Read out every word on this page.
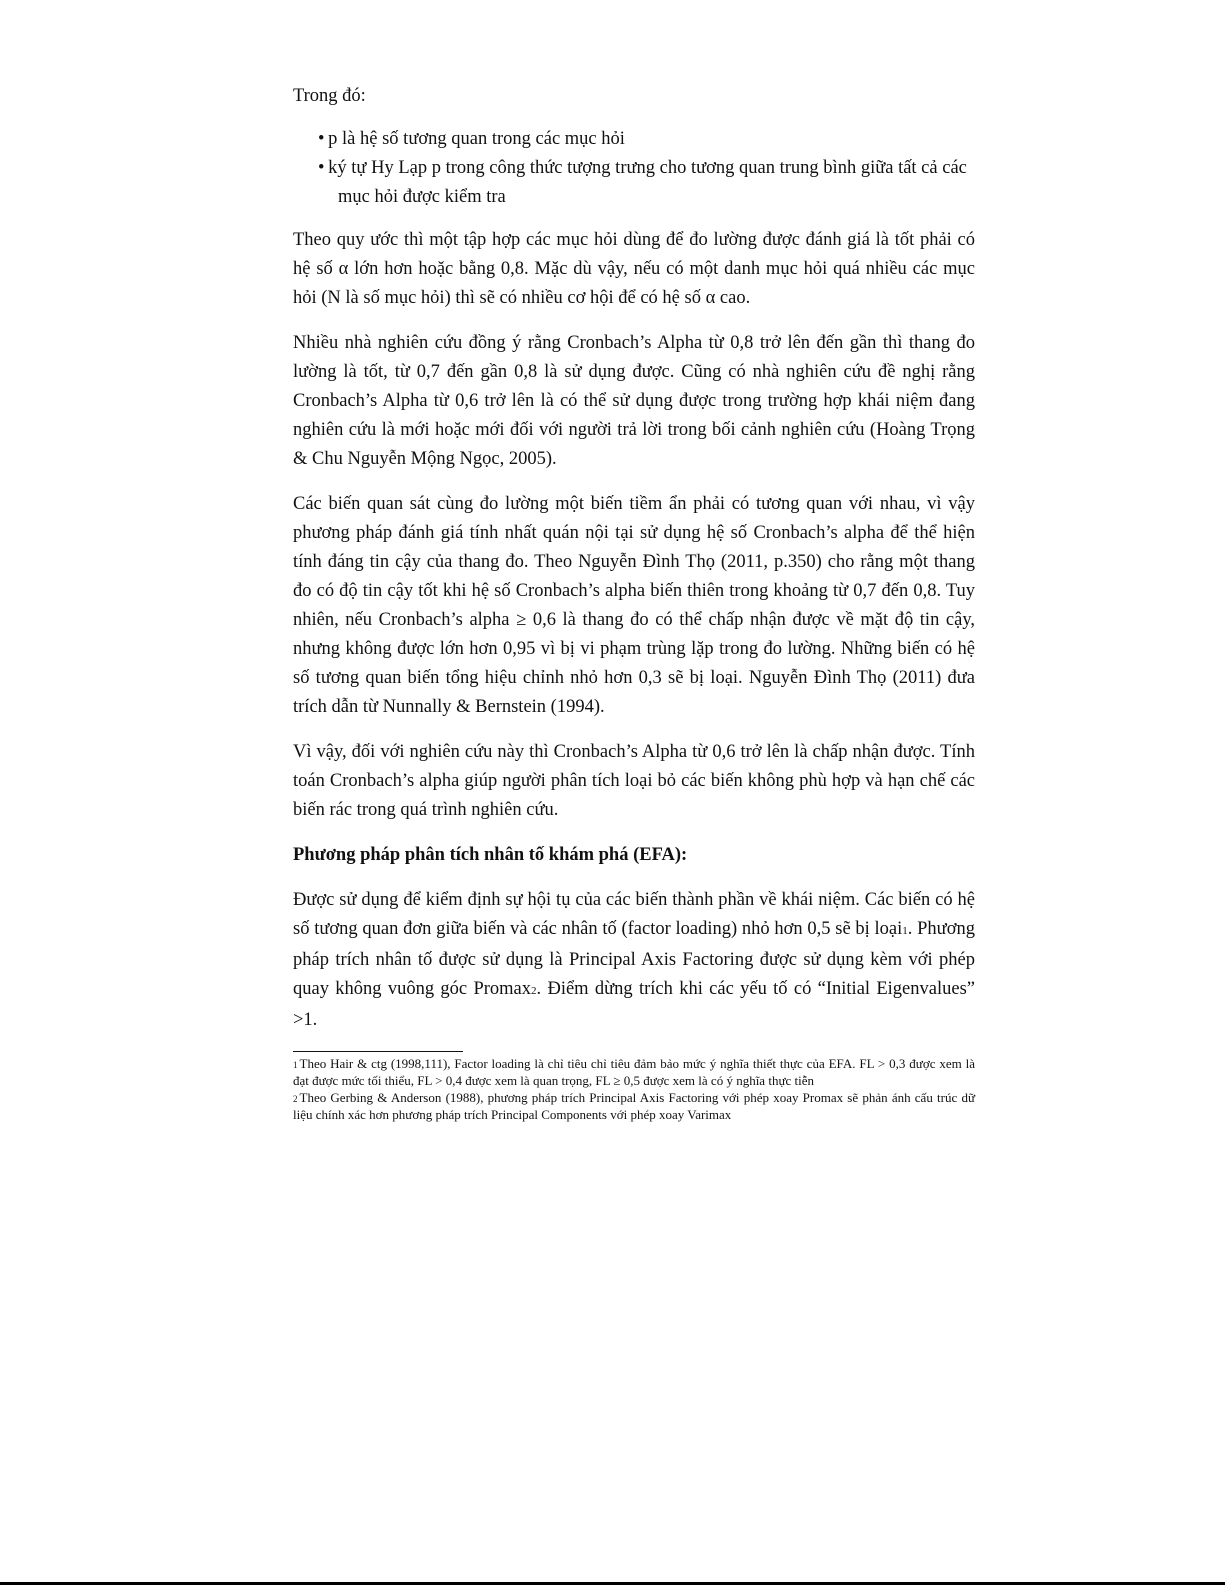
Trong đó:

• p là hệ số tương quan trong các mục hỏi
• ký tự Hy Lạp p trong công thức tượng trưng cho tương quan trung bình giữa tất cả các mục hỏi được kiểm tra

Theo quy ước thì một tập hợp các mục hỏi dùng để đo lường được đánh giá là tốt phải có hệ số α lớn hơn hoặc bằng 0,8. Mặc dù vậy, nếu có một danh mục hỏi quá nhiều các mục hỏi (N là số mục hỏi) thì sẽ có nhiều cơ hội để có hệ số α cao.

Nhiều nhà nghiên cứu đồng ý rằng Cronbach’s Alpha từ 0,8 trở lên đến gần thì thang đo lường là tốt, từ 0,7 đến gần 0,8 là sử dụng được. Cũng có nhà nghiên cứu đề nghị rằng Cronbach’s Alpha từ 0,6 trở lên là có thể sử dụng được trong trường hợp khái niệm đang nghiên cứu là mới hoặc mới đối với người trả lời trong bối cảnh nghiên cứu (Hoàng Trọng & Chu Nguyễn Mộng Ngọc, 2005).

Các biến quan sát cùng đo lường một biến tiềm ẩn phải có tương quan với nhau, vì vậy phương pháp đánh giá tính nhất quán nội tại sử dụng hệ số Cronbach’s alpha để thể hiện tính đáng tin cậy của thang đo. Theo Nguyễn Đình Thọ (2011, p.350) cho rằng một thang đo có độ tin cậy tốt khi hệ số Cronbach’s alpha biến thiên trong khoảng từ 0,7 đến 0,8. Tuy nhiên, nếu Cronbach’s alpha ≥ 0,6 là thang đo có thể chấp nhận được về mặt độ tin cậy, nhưng không được lớn hơn 0,95 vì bị vi phạm trùng lặp trong đo lường. Những biến có hệ số tương quan biến tổng hiệu chỉnh nhỏ hơn 0,3 sẽ bị loại. Nguyễn Đình Thọ (2011) đưa trích dẫn từ Nunnally & Bernstein (1994).

Vì vậy, đối với nghiên cứu này thì Cronbach’s Alpha từ 0,6 trở lên là chấp nhận được. Tính toán Cronbach’s alpha giúp người phân tích loại bỏ các biến không phù hợp và hạn chế các biến rác trong quá trình nghiên cứu.

Phương pháp phân tích nhân tố khám phá (EFA):

Được sử dụng để kiểm định sự hội tụ của các biến thành phần về khái niệm. Các biến có hệ số tương quan đơn giữa biến và các nhân tố (factor loading) nhỏ hơn 0,5 sẽ bị loại1. Phương pháp trích nhân tố được sử dụng là Principal Axis Factoring được sử dụng kèm với phép quay không vuông góc Promax2. Điểm dừng trích khi các yếu tố có “Initial Eigenvalues” >1.

1 Theo Hair & ctg (1998,111), Factor loading là chỉ tiêu chỉ tiêu đảm bảo mức ý nghĩa thiết thực của EFA. FL > 0,3 được xem là đạt được mức tối thiểu, FL > 0,4 được xem là quan trọng, FL ≥ 0,5 được xem là có ý nghĩa thực tiễn

2 Theo Gerbing & Anderson (1988), phương pháp trích Principal Axis Factoring với phép xoay Promax sẽ phản ánh cấu trúc dữ liệu chính xác hơn phương pháp trích Principal Components với phép xoay Varimax
